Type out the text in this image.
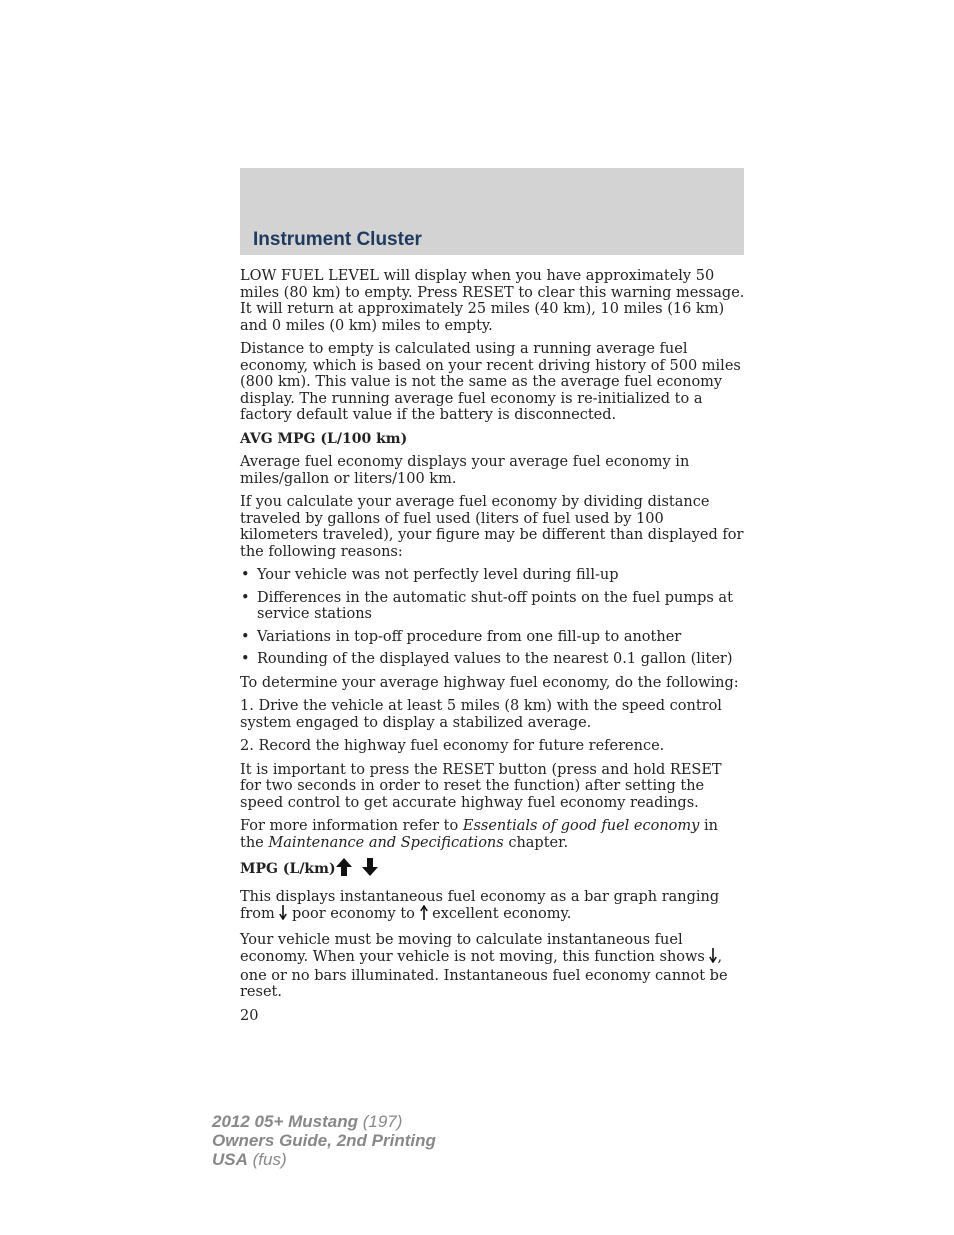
Instrument Cluster

LOW FUEL LEVEL will display when you have approximately 50 miles (80 km) to empty. Press RESET to clear this warning message. It will return at approximately 25 miles (40 km), 10 miles (16 km) and 0 miles (0 km) miles to empty.

Distance to empty is calculated using a running average fuel economy, which is based on your recent driving history of 500 miles (800 km). This value is not the same as the average fuel economy display. The running average fuel economy is re-initialized to a factory default value if the battery is disconnected.

AVG MPG (L/100 km)

Average fuel economy displays your average fuel economy in miles/gallon or liters/100 km.

If you calculate your average fuel economy by dividing distance traveled by gallons of fuel used (liters of fuel used by 100 kilometers traveled), your figure may be different than displayed for the following reasons:

• Your vehicle was not perfectly level during fill-up
• Differences in the automatic shut-off points on the fuel pumps at service stations
• Variations in top-off procedure from one fill-up to another
• Rounding of the displayed values to the nearest 0.1 gallon (liter)

To determine your average highway fuel economy, do the following:

1. Drive the vehicle at least 5 miles (8 km) with the speed control system engaged to display a stabilized average.

2. Record the highway fuel economy for future reference.

It is important to press the RESET button (press and hold RESET for two seconds in order to reset the function) after setting the speed control to get accurate highway fuel economy readings.

For more information refer to Essentials of good fuel economy in the Maintenance and Specifications chapter.

MPG (L/km)

This displays instantaneous fuel economy as a bar graph ranging from  poor economy to  excellent economy.

Your vehicle must be moving to calculate instantaneous fuel economy. When your vehicle is not moving, this function shows , one or no bars illuminated. Instantaneous fuel economy cannot be reset.

20

2012 05+ Mustang (197)
Owners Guide, 2nd Printing
USA (fus)
